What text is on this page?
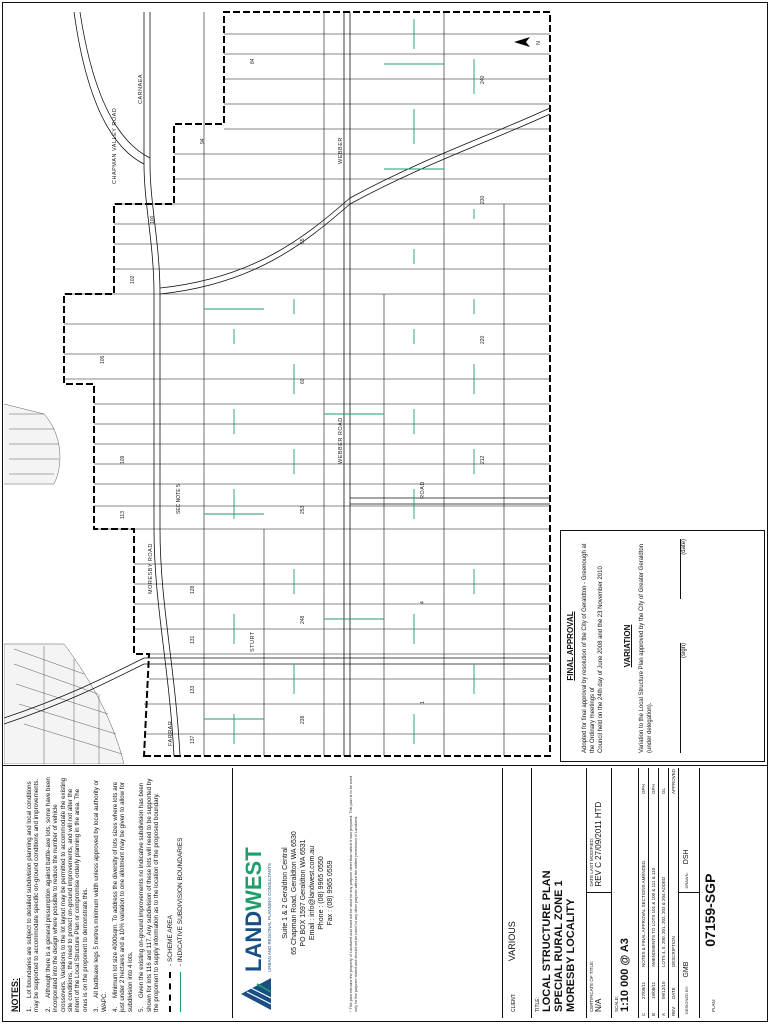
NOTES: 1.Lot boundaries are subject to detailed subdivision planning and local conditions may be supported to accommodate specific on-ground conditions and improvements. 2.Although there is a general presumption against battle-axe lots, some have been incorporated into the design where possible to reduce the number of vehicle crossovers. Variations to the lot layout may be permitted to accommodate the existing site conditions, the need to protect on-ground improvements, and will not alter the intent of the Local Structure Plan or compromise orderly planning in the area. The onus is on the proponent to demonstrate this. 3.All battleaxe legs 5 metres minimum width unless approved by local authority or WAPC. 4.Minimum lot size 4000sqm. To address the diversity of lots sizes where lots are just under 2 hectares and a 10% variation to one allotment may be given to allow for subdivision into 4 lots. 5.Given the existing on-ground improvements no indicative subdivision has been shown for lots 116 and 117. Any subdivision of these lots will need to be supported by the proponent to supply information as to the location of the proposed boundary. - SCHEME AREA - INDICATIVE SUBDIVISION BOUNDARIES	LANDWEST URBAN AND REGIONAL PLANNING CONSULTANTS Suite 1 & 2 Geraldton Central 65 Chapman Road, Geraldton WA 6530 PO BOX 1597 Geraldton WA 6531 Email : info@landwest.com.au Phone : (08) 9965 0550 Fax : (08) 9965 0559	* This plan remains the property of Landwest and must not be used for any purpose other than which it was prepared. This plan is to be used only for the purpose stated and should not be used for any other purpose without the written permission of Landwest.	CLIENT: VARIOUS
TITLE: LOCAL STRUCTURE PLAN SPECIAL RURAL ZONE 1 MORESBY LOCALITY	CERTIFICATE OF TITLE: N/A
DATE LAST MODIFIED: REV C 27/09/2011 HTD
SCALE: 1:10 000 @ A3
C	27/09/11	NOTES & FINAL APPROVAL SECTIONS AMENDED.	GPH
B	19/08/11	AMENDMENTS TO LOTS 101 & 100 & 111 & 110	GPH
A	09/12/10	LOTS 4, 5, 200, 201, 202, 203 & 204 ADDED	GL
REV	DATE	DESCRIPTION	APPROVED
DESIGNED BY: GMB
DRAWN: DSH
PLAN: 07159-SGP
FINAL APPROVAL Adopted for final approval by resolution of the City of Geraldton - Greenough at the Ordinary meetings of Council held on the 24th day of June 2008 and the 23 November 2010 VARIATION Variation to the Local Structure Plan approved by the City of Greater Geraldton (under delegation).
(sign)
(date)
FARRAR
MORESBY ROAD
WEBBER ROAD
WEBBER
CARNAEA
CHAPMAN VALLEY ROAD
ROAD
STURT
137
133
131
128
113
109
105
102
100
94
84
238
248
253
60
55
1
4
212
220
230
240
SEC NOTE 5
N
